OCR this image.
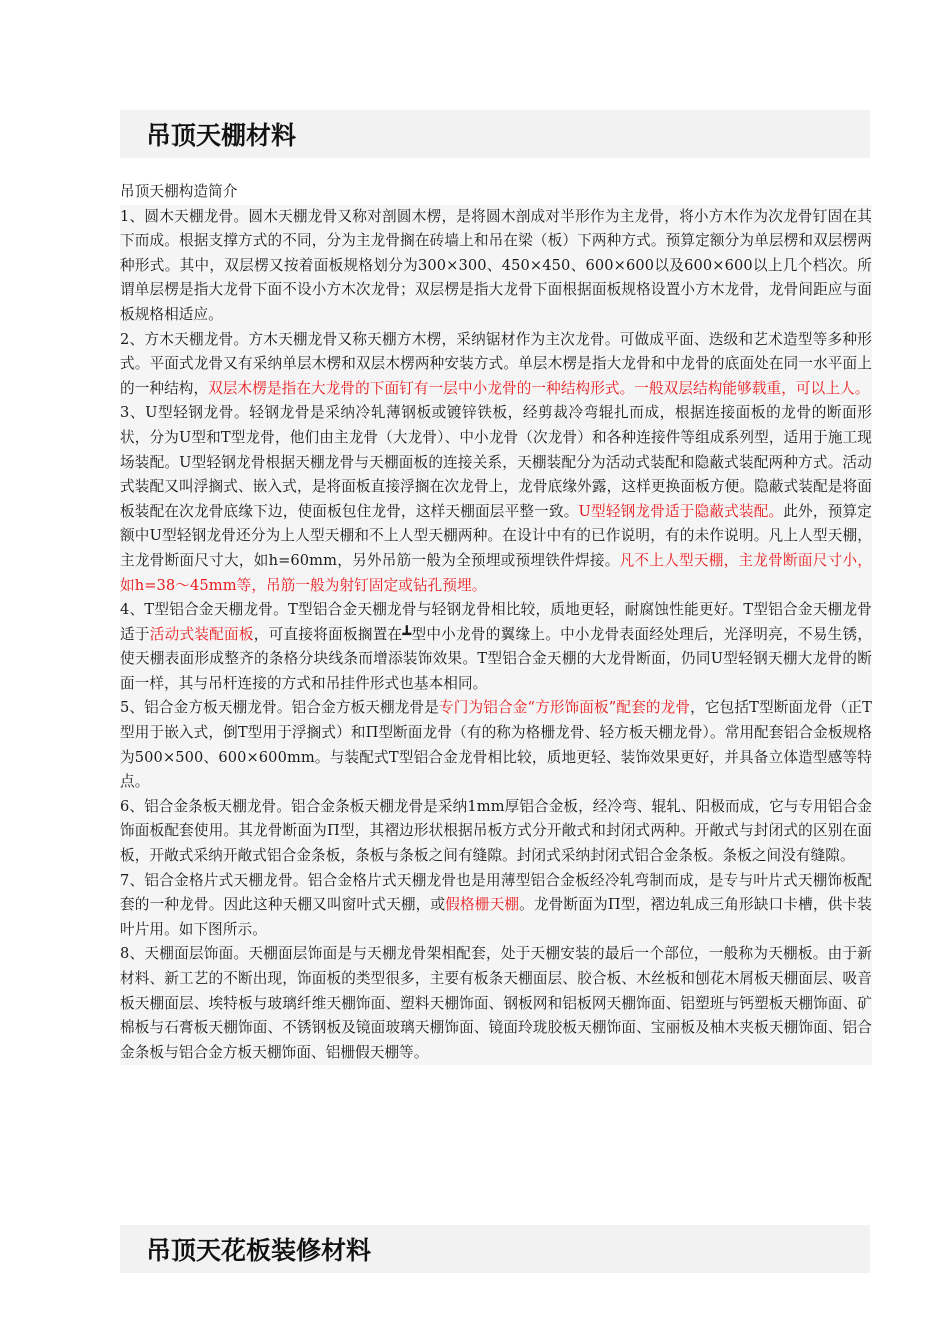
吊顶天棚材料

吊顶天棚构造简介

1、圆木天棚龙骨。圆木天棚龙骨又称对剖圆木楞，是将圆木剖成对半形作为主龙骨，将小方木作为次龙骨钉固在其下而成。根据支撑方式的不同，分为主龙骨搁在砖墙上和吊在梁（板）下两种方式。预算定额分为单层楞和双层楞两种形式。其中，双层楞又按着面板规格划分为300×300、450×450、600×600以及600×600以上几个档次。所谓单层楞是指大龙骨下面不设小方木次龙骨；双层楞是指大龙骨下面根据面板规格设置小方木龙骨，龙骨间距应与面板规格相适应。

2、方木天棚龙骨。方木天棚龙骨又称天棚方木楞，采纳锯材作为主次龙骨。可做成平面、迭级和艺术造型等多种形式。平面式龙骨又有采纳单层木楞和双层木楞两种安装方式。单层木楞是指大龙骨和中龙骨的底面处在同一水平面上的一种结构，双层木楞是指在大龙骨的下面钉有一层中小龙骨的一种结构形式。一般双层结构能够载重，可以上人。

3、U型轻钢龙骨。轻钢龙骨是采纳冷轧薄钢板或镀锌铁板，经剪裁冷弯辊扎而成，根据连接面板的龙骨的断面形状，分为U型和T型龙骨，他们由主龙骨（大龙骨）、中小龙骨（次龙骨）和各种连接件等组成系列型，适用于施工现场装配。U型轻钢龙骨根据天棚龙骨与天棚面板的连接关系，天棚装配分为活动式装配和隐蔽式装配两种方式。活动式装配又叫浮搁式、嵌入式，是将面板直接浮搁在次龙骨上，龙骨底缘外露，这样更换面板方便。隐蔽式装配是将面板装配在次龙骨底缘下边，使面板包住龙骨，这样天棚面层平整一致。U型轻钢龙骨适于隐蔽式装配。此外，预算定额中U型轻钢龙骨还分为上人型天棚和不上人型天棚两种。在设计中有的已作说明，有的未作说明。凡上人型天棚，主龙骨断面尺寸大，如h=60mm，另外吊筋一般为全预埋或预埋铁件焊接。凡不上人型天棚，主龙骨断面尺寸小，如h=38～45mm等，吊筋一般为射钉固定或钻孔预埋。

4、T型铝合金天棚龙骨。T型铝合金天棚龙骨与轻钢龙骨相比较，质地更轻，耐腐蚀性能更好。T型铝合金天棚龙骨适于活动式装配面板，可直接将面板搁置在┻型中小龙骨的翼缘上。中小龙骨表面经处理后，光泽明亮，不易生锈，使天棚表面形成整齐的条格分块线条而增添装饰效果。T型铝合金天棚的大龙骨断面，仍同U型轻钢天棚大龙骨的断面一样，其与吊杆连接的方式和吊挂件形式也基本相同。

5、铝合金方板天棚龙骨。铝合金方板天棚龙骨是专门为铝合金“方形饰面板”配套的龙骨，它包括T型断面龙骨（正T型用于嵌入式，倒T型用于浮搁式）和Π型断面龙骨（有的称为格栅龙骨、轻方板天棚龙骨）。常用配套铝合金板规格为500×500、600×600mm。与装配式T型铝合金龙骨相比较，质地更轻、装饰效果更好，并具备立体造型感等特点。

6、铝合金条板天棚龙骨。铝合金条板天棚龙骨是采纳1mm厚铝合金板，经冷弯、辊轧、阳极而成，它与专用铝合金饰面板配套使用。其龙骨断面为Π型，其褶边形状根据吊板方式分开敞式和封闭式两种。开敞式与封闭式的区别在面板，开敞式采纳开敞式铝合金条板，条板与条板之间有缝隙。封闭式采纳封闭式铝合金条板。条板之间没有缝隙。

7、铝合金格片式天棚龙骨。铝合金格片式天棚龙骨也是用薄型铝合金板经冷轧弯制而成，是专与叶片式天棚饰板配套的一种龙骨。因此这种天棚又叫窗叶式天棚，或假格栅天棚。龙骨断面为Π型，褶边轧成三角形缺口卡槽，供卡装叶片用。如下图所示。

8、天棚面层饰面。天棚面层饰面是与天棚龙骨架相配套，处于天棚安装的最后一个部位，一般称为天棚板。由于新材料、新工艺的不断出现，饰面板的类型很多，主要有板条天棚面层、胶合板、木丝板和刨花木屑板天棚面层、吸音板天棚面层、埃特板与玻璃纤维天棚饰面、塑料天棚饰面、钢板网和铝板网天棚饰面、铝塑班与钙塑板天棚饰面、矿棉板与石膏板天棚饰面、不锈钢板及镜面玻璃天棚饰面、镜面玲珑胶板天棚饰面、宝丽板及柚木夹板天棚饰面、铝合金条板与铝合金方板天棚饰面、铝栅假天棚等。

吊顶天花板装修材料
